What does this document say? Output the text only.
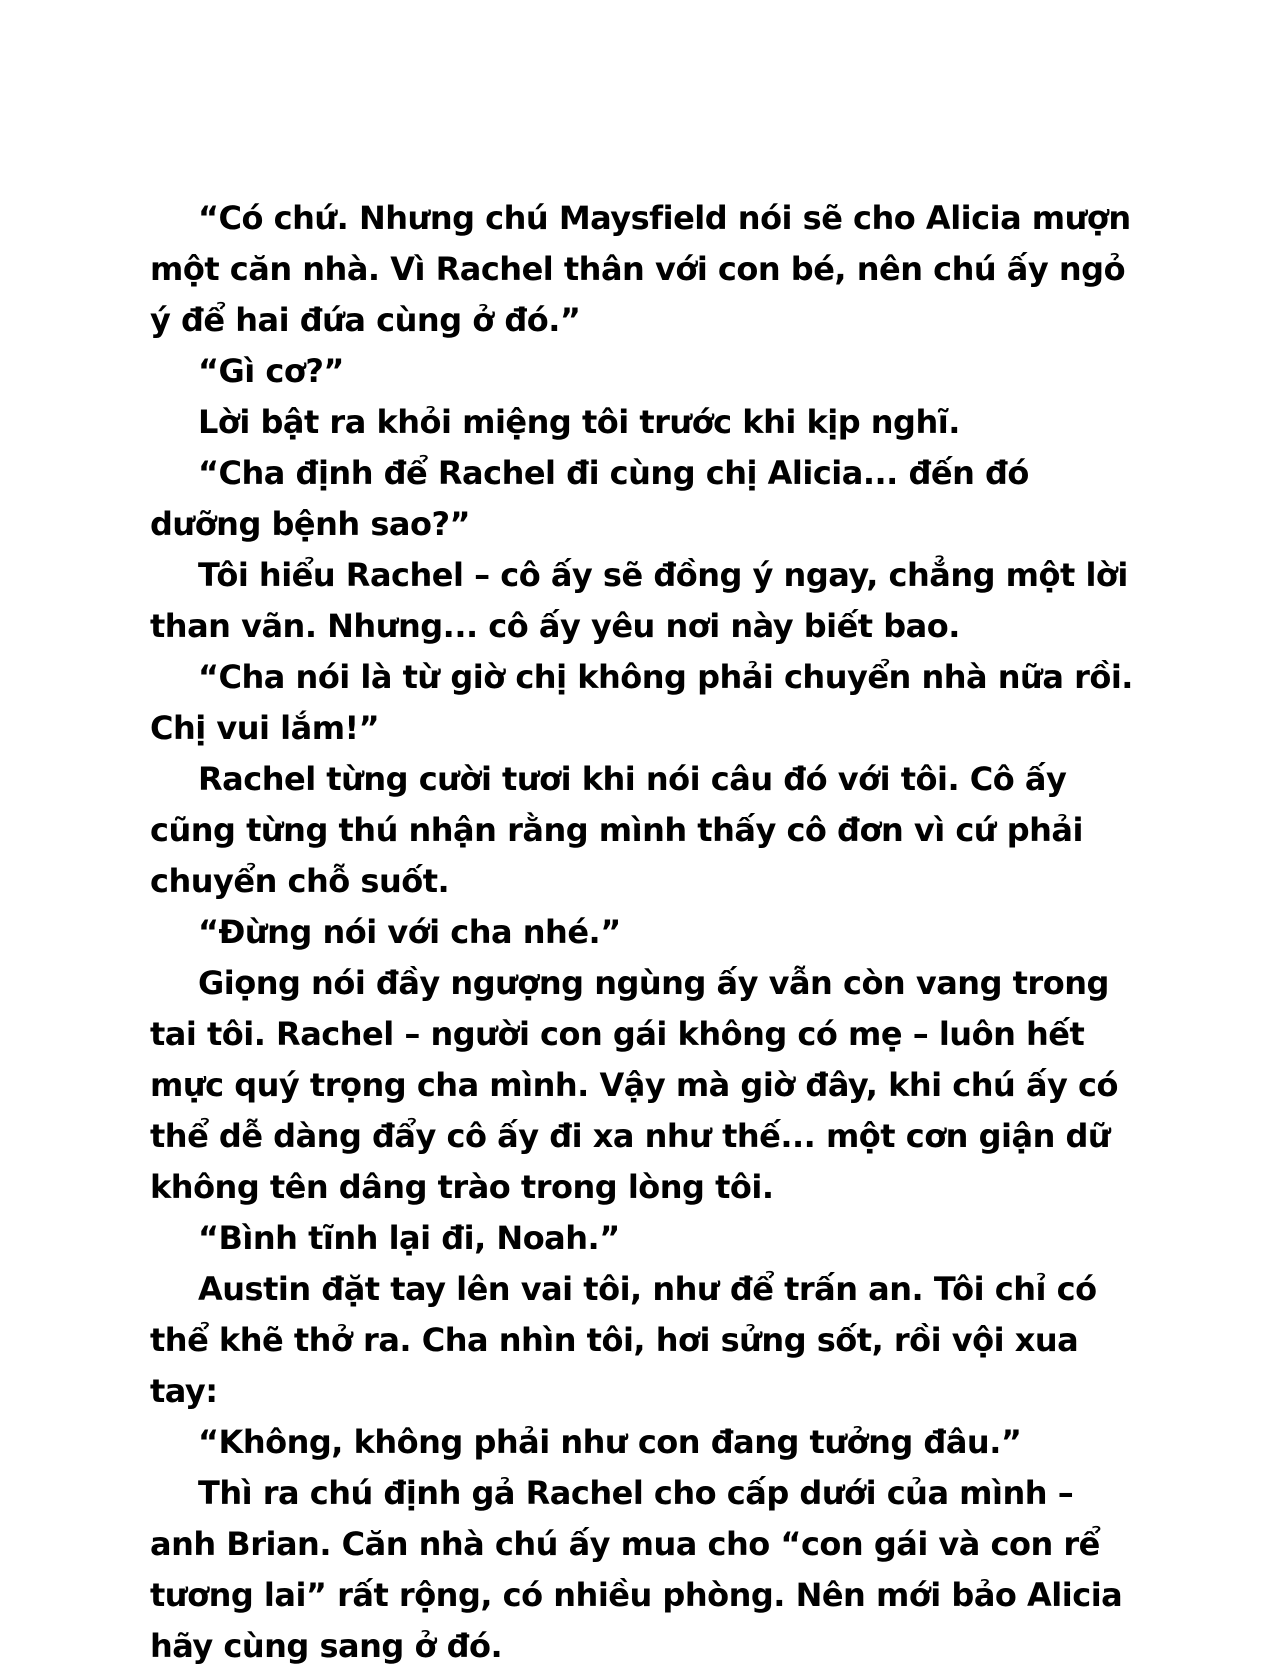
“Có chứ. Nhưng chú Maysfield nói sẽ cho Alicia mượn một căn nhà. Vì Rachel thân với con bé, nên chú ấy ngỏ ý để hai đứa cùng ở đó.”

“Gì cơ?”

Lời bật ra khỏi miệng tôi trước khi kịp nghĩ.

“Cha định để Rachel đi cùng chị Alicia... đến đó dưỡng bệnh sao?”

Tôi hiểu Rachel – cô ấy sẽ đồng ý ngay, chẳng một lời than vãn. Nhưng... cô ấy yêu nơi này biết bao.

“Cha nói là từ giờ chị không phải chuyển nhà nữa rồi. Chị vui lắm!”

Rachel từng cười tươi khi nói câu đó với tôi. Cô ấy cũng từng thú nhận rằng mình thấy cô đơn vì cứ phải chuyển chỗ suốt.

“Đừng nói với cha nhé.”

Giọng nói đầy ngượng ngùng ấy vẫn còn vang trong tai tôi. Rachel – người con gái không có mẹ – luôn hết mực quý trọng cha mình. Vậy mà giờ đây, khi chú ấy có thể dễ dàng đẩy cô ấy đi xa như thế... một cơn giận dữ không tên dâng trào trong lòng tôi.

“Bình tĩnh lại đi, Noah.”

Austin đặt tay lên vai tôi, như để trấn an. Tôi chỉ có thể khẽ thở ra. Cha nhìn tôi, hơi sửng sốt, rồi vội xua tay:

“Không, không phải như con đang tưởng đâu.”

Thì ra chú định gả Rachel cho cấp dưới của mình – anh Brian. Căn nhà chú ấy mua cho “con gái và con rể tương lai” rất rộng, có nhiều phòng. Nên mới bảo Alicia hãy cùng sang ở đó.
